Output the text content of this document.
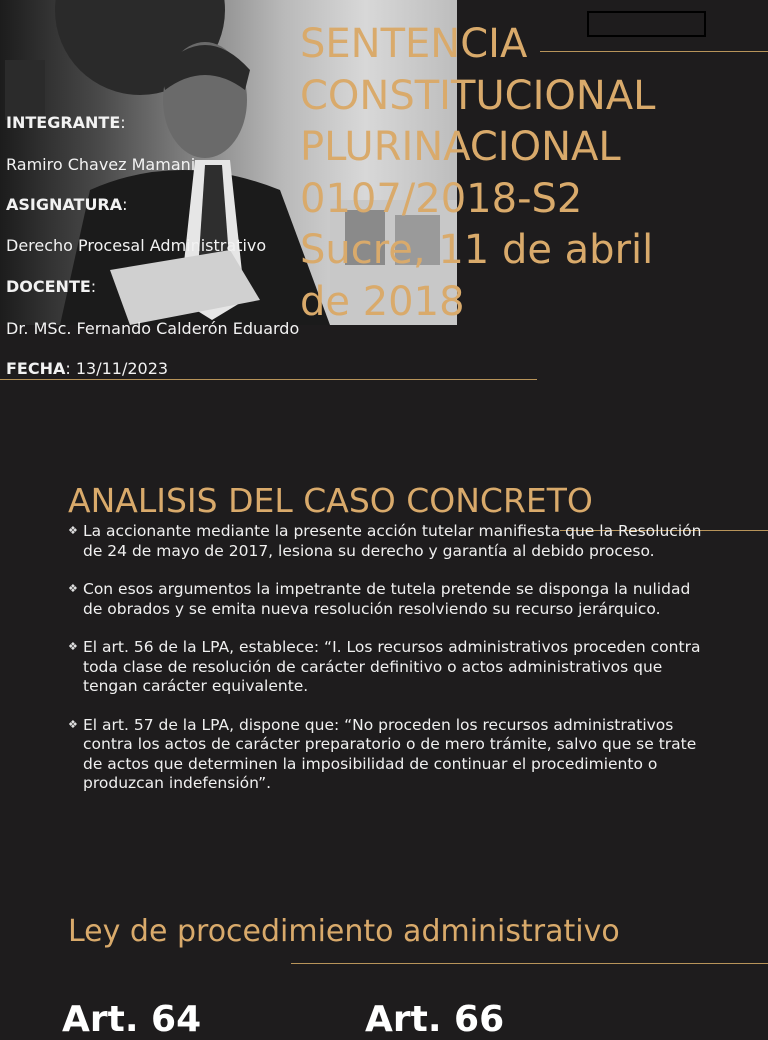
SENTENCIA
CONSTITUCIONAL
PLURINACIONAL
0107/2018-S2
Sucre, 11 de abril
de 2018
INTEGRANTE:
Ramiro Chavez Mamani
ASIGNATURA:
Derecho Procesal Administrativo
DOCENTE:
Dr. MSc. Fernando Calderón Eduardo
FECHA: 13/11/2023
ANALISIS DEL CASO CONCRETO
❖ La accionante mediante la presente acción tutelar manifiesta que la Resolución de 24 de mayo de 2017, lesiona su derecho y garantía al debido proceso.
❖ Con esos argumentos la impetrante de tutela pretende se disponga la nulidad de obrados y se emita nueva resolución resolviendo su recurso jerárquico.
❖ El art. 56 de la LPA, establece: “I. Los recursos administrativos proceden contra toda clase de resolución de carácter definitivo o actos administrativos que tengan carácter equivalente.
❖ El art. 57 de la LPA, dispone que: “No proceden los recursos administrativos contra los actos de carácter preparatorio o de mero trámite, salvo que se trate de actos que determinen la imposibilidad de continuar el procedimiento o produzcan indefensión”.
Ley de procedimiento administrativo
Art. 64	Art. 66
